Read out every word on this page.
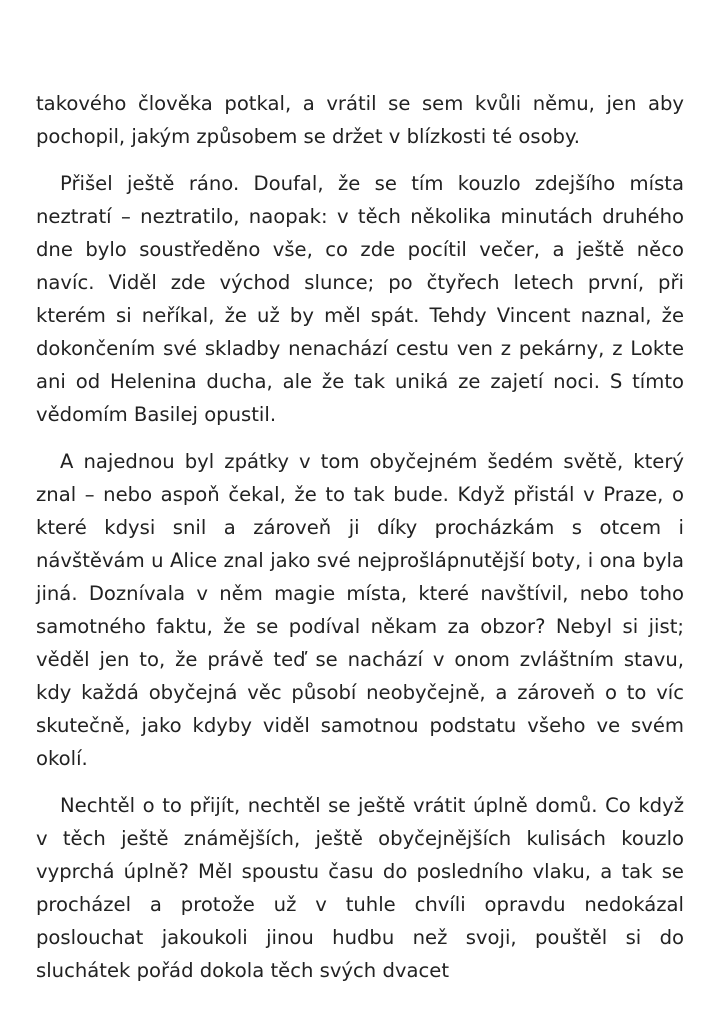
takového člověka potkal, a vrátil se sem kvůli němu, jen aby pochopil, jakým způsobem se držet v blízkosti té osoby.

Přišel ještě ráno. Doufal, že se tím kouzlo zdejšího místa neztratí – neztratilo, naopak: v těch několika minutách druhého dne bylo soustředěno vše, co zde pocítil večer, a ještě něco navíc. Viděl zde východ slunce; po čtyřech letech první, při kterém si neříkal, že už by měl spát. Tehdy Vincent naznal, že dokončením své skladby nenachází cestu ven z pekárny, z Lokte ani od Helenina ducha, ale že tak uniká ze zajetí noci. S tímto vědomím Basilej opustil.

A najednou byl zpátky v tom obyčejném šedém světě, který znal – nebo aspoň čekal, že to tak bude. Když přistál v Praze, o které kdysi snil a zároveň ji díky procházkám s otcem i návštěvám u Alice znal jako své nejprošlápnutější boty, i ona byla jiná. Doznívala v něm magie místa, které navštívil, nebo toho samotného faktu, že se podíval někam za obzor? Nebyl si jist; věděl jen to, že právě teď se nachází v onom zvláštním stavu, kdy každá obyčejná věc působí neobyčejně, a zároveň o to víc skutečně, jako kdyby viděl samotnou podstatu všeho ve svém okolí.

Nechtěl o to přijít, nechtěl se ještě vrátit úplně domů. Co když v těch ještě známějších, ještě obyčejnějších kulisách kouzlo vyprchá úplně? Měl spoustu času do posledního vlaku, a tak se procházel a protože už v tuhle chvíli opravdu nedokázal poslouchat jakoukoli jinou hudbu než svoji, pouštěl si do sluchátek pořád dokola těch svých dvacet
